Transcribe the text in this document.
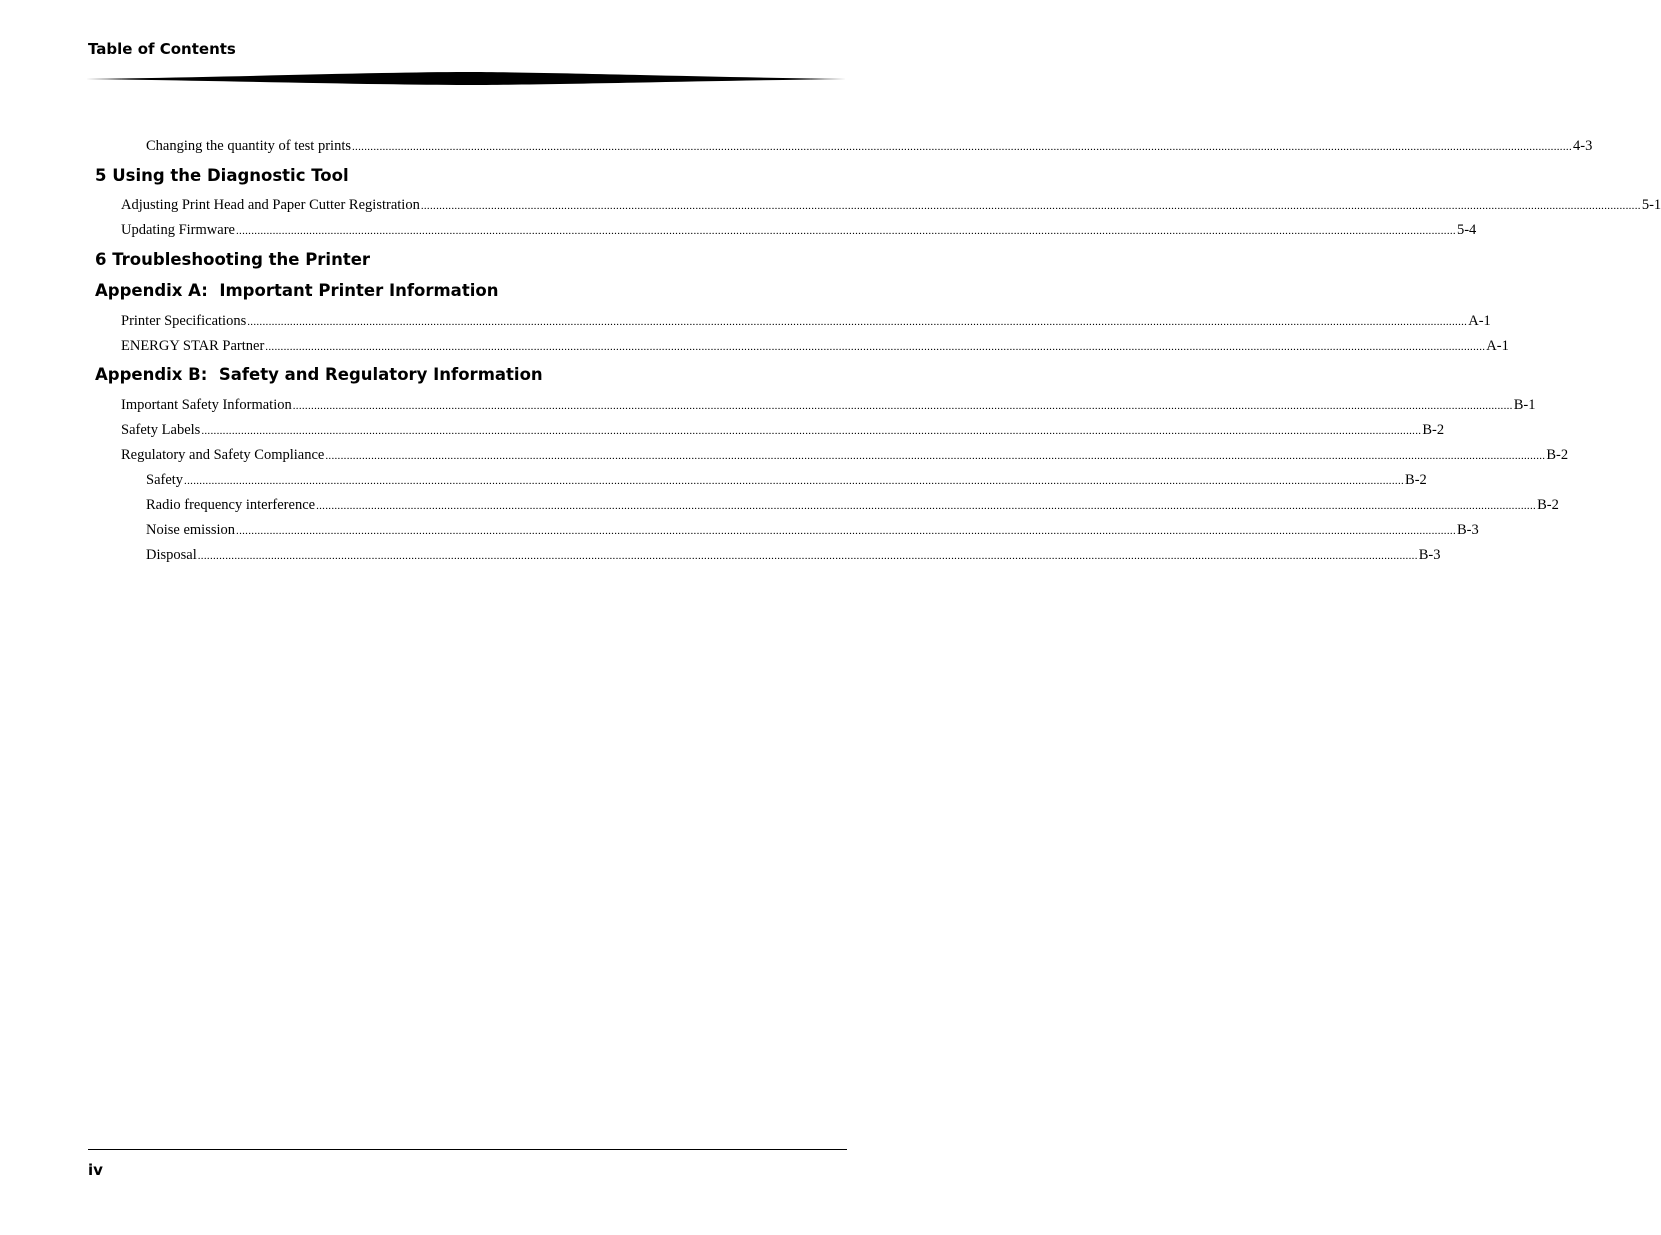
Table of Contents
Changing the quantity of test prints ................................................................................................................................................................................................................................................................................................................................................................................................................ 4-3
5 Using the Diagnostic Tool
Adjusting Print Head and Paper Cutter Registration ................................................................................................................................................................................................................................................................................................................................................................................................................ 5-1
Updating Firmware ................................................................................................................................................................................................................................................................................................................................................................................................................ 5-4
6 Troubleshooting the Printer
Appendix A:  Important Printer Information
Printer Specifications ................................................................................................................................................................................................................................................................................................................................................................................................................ A-1
ENERGY STAR Partner ................................................................................................................................................................................................................................................................................................................................................................................................................ A-1
Appendix B:  Safety and Regulatory Information
Important Safety Information ................................................................................................................................................................................................................................................................................................................................................................................................................ B-1
Safety Labels ................................................................................................................................................................................................................................................................................................................................................................................................................ B-2
Regulatory and Safety Compliance ................................................................................................................................................................................................................................................................................................................................................................................................................ B-2
Safety ................................................................................................................................................................................................................................................................................................................................................................................................................ B-2
Radio frequency interference ................................................................................................................................................................................................................................................................................................................................................................................................................ B-2
Noise emission ................................................................................................................................................................................................................................................................................................................................................................................................................ B-3
Disposal ................................................................................................................................................................................................................................................................................................................................................................................................................ B-3
iv
